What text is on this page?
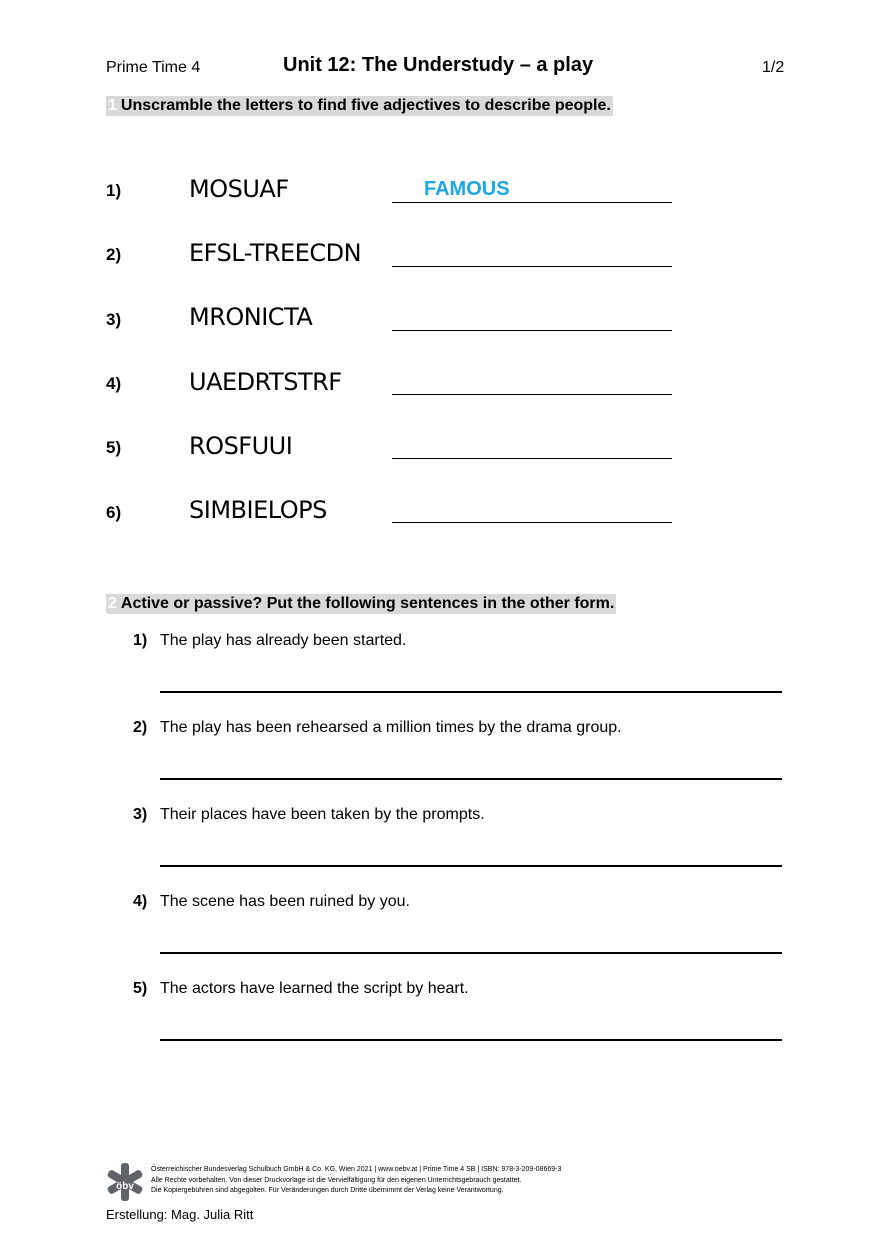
Prime Time 4	Unit 12: The Understudy – a play	1/2
1 Unscramble the letters to find five adjectives to describe people.
1)	MOSUAF	FAMOUS
2)	EFSL-TREECDN
3)	MRONICTA
4)	UAEDRTSTRF
5)	ROSFUUI
6)	SIMBIELOPS
2 Active or passive? Put the following sentences in the other form.
1) The play has already been started.
2) The play has been rehearsed a million times by the drama group.
3) Their places have been taken by the prompts.
4) The scene has been ruined by you.
5) The actors have learned the script by heart.
öbv
Österreichischer Bundesverlag Schulbuch GmbH & Co. KG, Wien 2021 | www.oebv.at | Prime Time 4 SB | ISBN: 978-3-209-08669-3
Alle Rechte vorbehalten. Von dieser Druckvorlage ist die Vervielfältigung für den eigenen Unterrichtsgebrauch gestattet.
Die Kopiergebühren sind abgegolten. Für Veränderungen durch Dritte übernimmt der Verlag keine Verantwortung.
Erstellung: Mag. Julia Ritt
